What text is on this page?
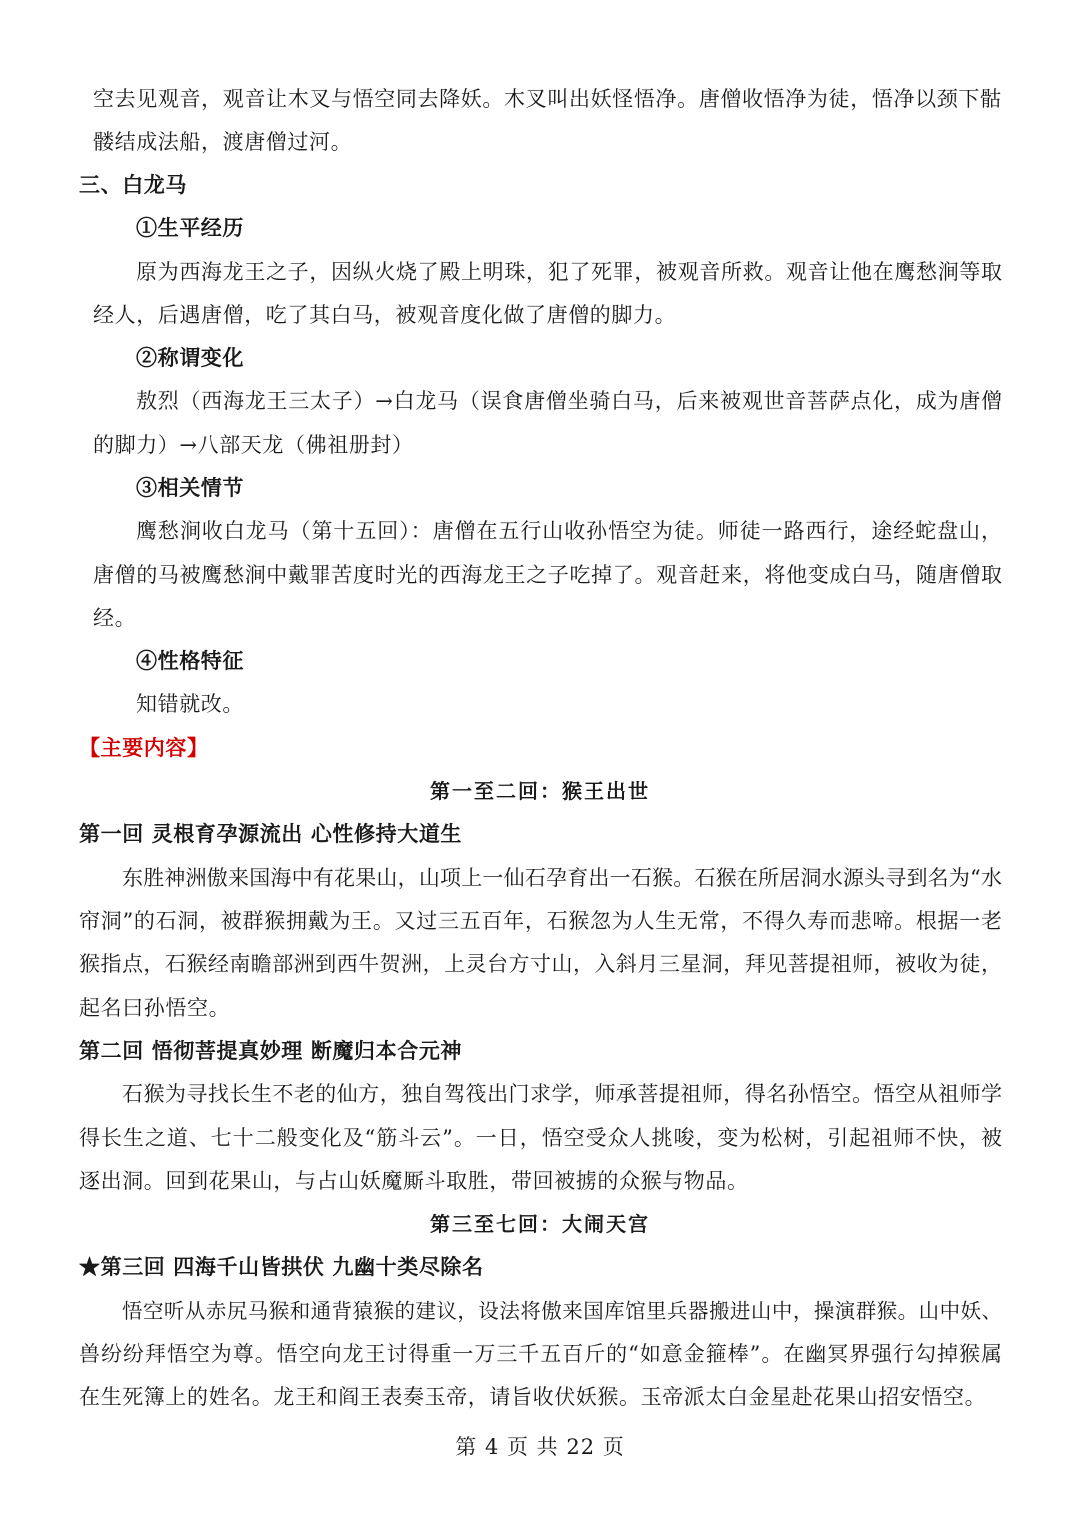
空去见观音，观音让木叉与悟空同去降妖。木叉叫出妖怪悟净。唐僧收悟净为徒，悟净以颈下骷
髅结成法船，渡唐僧过河。
三、白龙马
①生平经历
原为西海龙王之子，因纵火烧了殿上明珠，犯了死罪，被观音所救。观音让他在鹰愁涧等取
经人，后遇唐僧，吃了其白马，被观音度化做了唐僧的脚力。
②称谓变化
敖烈（西海龙王三太子）→白龙马（误食唐僧坐骑白马，后来被观世音菩萨点化，成为唐僧
的脚力）→八部天龙（佛祖册封）
③相关情节
鹰愁涧收白龙马（第十五回）：唐僧在五行山收孙悟空为徒。师徒一路西行，途经蛇盘山，
唐僧的马被鹰愁涧中戴罪苦度时光的西海龙王之子吃掉了。观音赶来，将他变成白马，随唐僧取
经。
④性格特征
知错就改。
【主要内容】
第一至二回：猴王出世
第一回 灵根育孕源流出 心性修持大道生
东胜神洲傲来国海中有花果山，山项上一仙石孕育出一石猴。石猴在所居洞水源头寻到名为“水
帘洞”的石洞，被群猴拥戴为王。又过三五百年，石猴忽为人生无常，不得久寿而悲啼。根据一老
猴指点，石猴经南瞻部洲到西牛贺洲，上灵台方寸山，入斜月三星洞，拜见菩提祖师，被收为徒，
起名曰孙悟空。
第二回 悟彻菩提真妙理 断魔归本合元神
石猴为寻找长生不老的仙方，独自驾筏出门求学，师承菩提祖师，得名孙悟空。悟空从祖师学
得长生之道、七十二般变化及“筋斗云”。一日，悟空受众人挑唆，变为松树，引起祖师不快，被
逐出洞。回到花果山，与占山妖魔厮斗取胜，带回被掳的众猴与物品。
第三至七回：大闹天宫
★第三回 四海千山皆拱伏 九幽十类尽除名
悟空听从赤尻马猴和通背猿猴的建议，设法将傲来国库馆里兵器搬进山中，操演群猴。山中妖、
兽纷纷拜悟空为尊。悟空向龙王讨得重一万三千五百斤的“如意金箍棒”。在幽冥界强行勾掉猴属
在生死簿上的姓名。龙王和阎王表奏玉帝，请旨收伏妖猴。玉帝派太白金星赴花果山招安悟空。
第 4 页 共 22 页
